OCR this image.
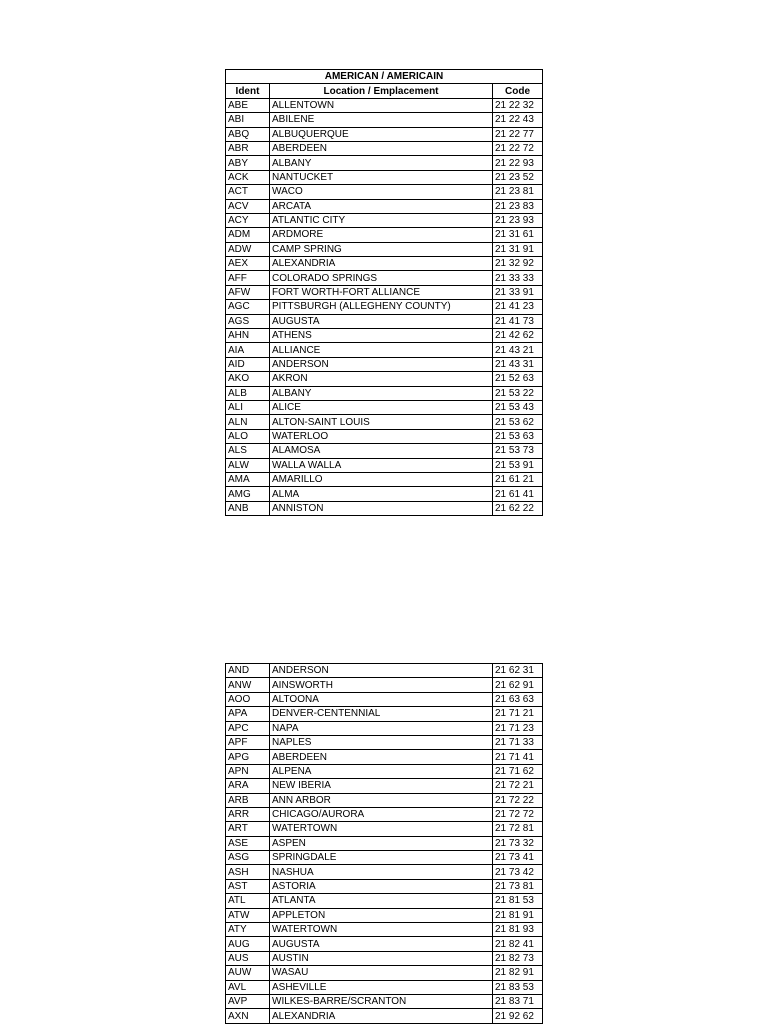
AMERICAN / AMERICAIN		
Ident	Location / Emplacement	Code
ABE	ALLENTOWN	21 22 32
ABI	ABILENE	21 22 43
ABQ	ALBUQUERQUE	21 22 77
ABR	ABERDEEN	21 22 72
ABY	ALBANY	21 22 93
ACK	NANTUCKET	21 23 52
ACT	WACO	21 23 81
ACV	ARCATA	21 23 83
ACY	ATLANTIC CITY	21 23 93
ADM	ARDMORE	21 31 61
ADW	CAMP SPRING	21 31 91
AEX	ALEXANDRIA	21 32 92
AFF	COLORADO SPRINGS	21 33 33
AFW	FORT WORTH-FORT ALLIANCE	21 33 91
AGC	PITTSBURGH (ALLEGHENY COUNTY)	21 41 23
AGS	AUGUSTA	21 41 73
AHN	ATHENS	21 42 62
AIA	ALLIANCE	21 43 21
AID	ANDERSON	21 43 31
AKO	AKRON	21 52 63
ALB	ALBANY	21 53 22
ALI	ALICE	21 53 43
ALN	ALTON-SAINT LOUIS	21 53 62
ALO	WATERLOO	21 53 63
ALS	ALAMOSA	21 53 73
ALW	WALLA WALLA	21 53 91
AMA	AMARILLO	21 61 21
AMG	ALMA	21 61 41
ANB	ANNISTON	21 62 22
AND	ANDERSON	21 62 31
ANW	AINSWORTH	21 62 91
AOO	ALTOONA	21 63 63
APA	DENVER-CENTENNIAL	21 71 21
APC	NAPA	21 71 23
APF	NAPLES	21 71 33
APG	ABERDEEN	21 71 41
APN	ALPENA	21 71 62
ARA	NEW IBERIA	21 72 21
ARB	ANN ARBOR	21 72 22
ARR	CHICAGO/AURORA	21 72 72
ART	WATERTOWN	21 72 81
ASE	ASPEN	21 73 32
ASG	SPRINGDALE	21 73 41
ASH	NASHUA	21 73 42
AST	ASTORIA	21 73 81
ATL	ATLANTA	21 81 53
ATW	APPLETON	21 81 91
ATY	WATERTOWN	21 81 93
AUG	AUGUSTA	21 82 41
AUS	AUSTIN	21 82 73
AUW	WASAU	21 82 91
AVL	ASHEVILLE	21 83 53
AVP	WILKES-BARRE/SCRANTON	21 83 71
AXN	ALEXANDRIA	21 92 62
